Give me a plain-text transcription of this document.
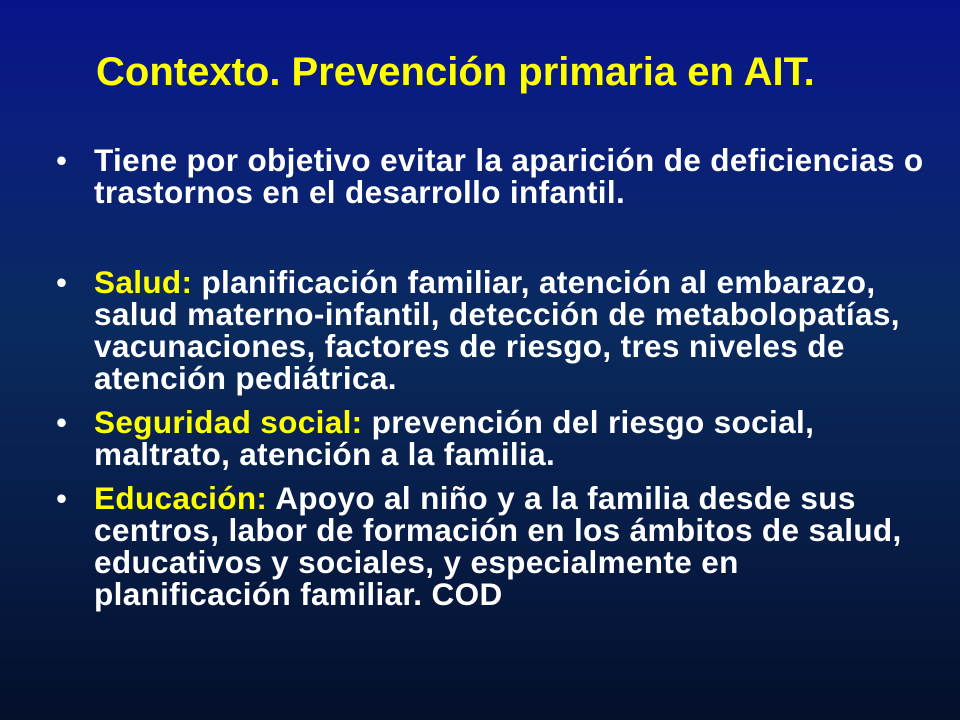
Contexto. Prevención primaria en AIT.
• Tiene por objetivo evitar la aparición de deficiencias o trastornos en el desarrollo infantil.
• Salud: planificación familiar, atención al embarazo, salud materno-infantil, detección de metabolopatías, vacunaciones, factores de riesgo, tres niveles de atención pediátrica.
• Seguridad social: prevención del riesgo social, maltrato, atención a la familia.
• Educación: Apoyo al niño y a la familia desde sus centros, labor de formación en los ámbitos de salud, educativos y sociales, y especialmente en planificación familiar. COD
